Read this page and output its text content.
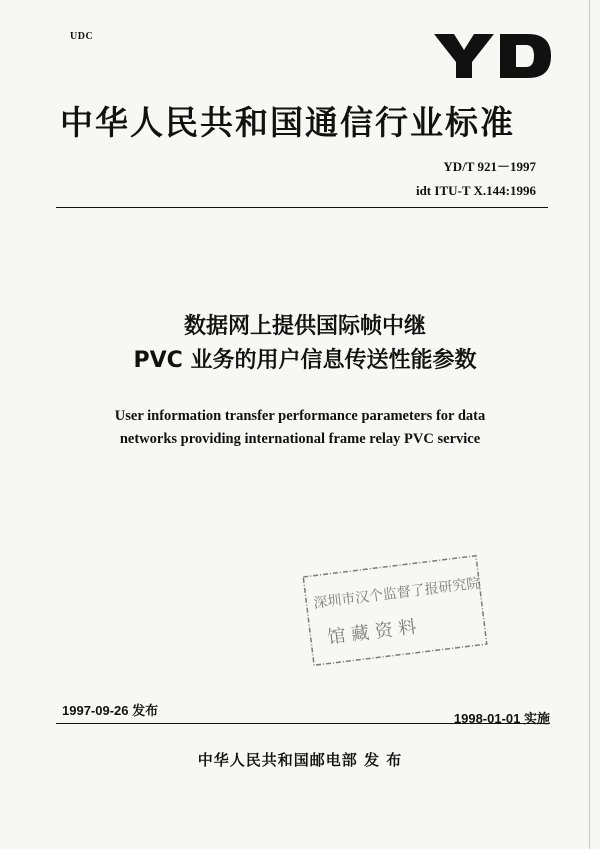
UDC
中华人民共和国通信行业标准
YD/T 921－1997
idt ITU-T X.144:1996
数据网上提供国际帧中继
PVC 业务的用户信息传送性能参数
User information transfer performance parameters for data
networks providing international frame relay PVC service
深圳市汉个监督了报研究院
馆 藏 资 料
1997-09-26 发布
1998-01-01 实施
中华人民共和国邮电部 发 布
